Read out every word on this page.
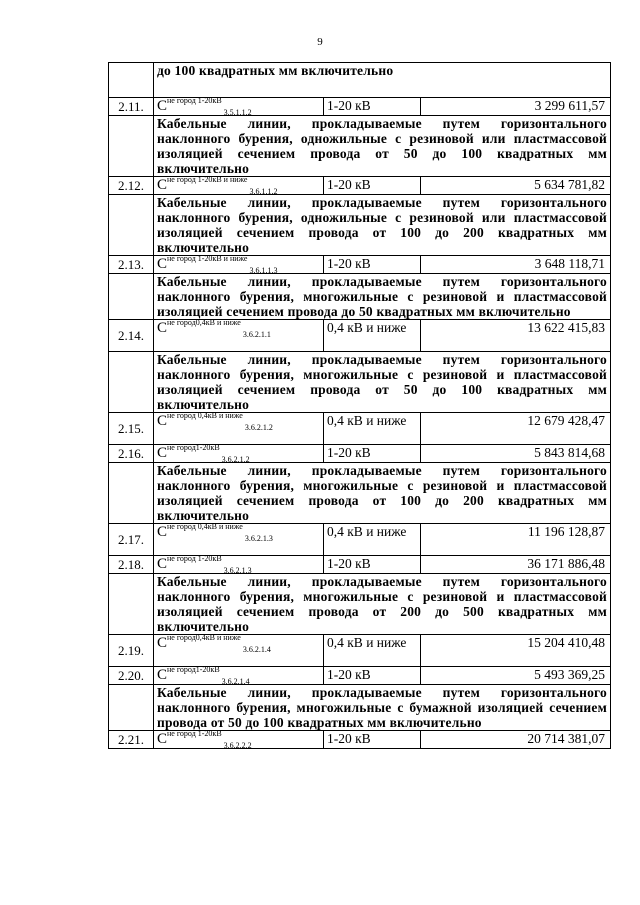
9
	до 100 квадратных мм включительно		
2.11.	$C^{не город 1-20кВ}_{3.5.1.1.2}$	1-20 кВ	3 299 611,57
	Кабельные линии, прокладываемые путем горизонтального наклонного бурения, одножильные с резиновой или пластмассовой изоляцией сечением провода от 50 до 100 квадратных мм включительно		
2.12.	$C^{не город 1-20кВ и ниже}_{3.6.1.1.2}$	1-20 кВ	5 634 781,82
	Кабельные линии, прокладываемые путем горизонтального наклонного бурения, одножильные с резиновой или пластмассовой изоляцией сечением провода от 100 до 200 квадратных мм включительно		
2.13.	$C^{не город 1-20кВ и ниже}_{3.6.1.1.3}$	1-20 кВ	3 648 118,71
	Кабельные линии, прокладываемые путем горизонтального наклонного бурения, многожильные с резиновой и пластмассовой изоляцией сечением провода до 50 квадратных мм включительно		
2.14.	$C^{не город0,4кВ и ниже}_{3.6.2.1.1}$	0,4 кВ и ниже	13 622 415,83
	Кабельные линии, прокладываемые путем горизонтального наклонного бурения, многожильные с резиновой и пластмассовой изоляцией сечением провода от 50 до 100 квадратных мм включительно		
2.15.	$C^{не город 0,4кВ и ниже}_{3.6.2.1.2}$	0,4 кВ и ниже	12 679 428,47
2.16.	$C^{не город1-20кВ}_{3.6.2.1.2}$	1-20 кВ	5 843 814,68
	Кабельные линии, прокладываемые путем горизонтального наклонного бурения, многожильные с резиновой и пластмассовой изоляцией сечением провода от 100 до 200 квадратных мм включительно		
2.17.	$C^{не город 0,4кВ и ниже}_{3.6.2.1.3}$	0,4 кВ и ниже	11 196 128,87
2.18.	$C^{не город 1-20кВ}_{3.6.2.1.3}$	1-20 кВ	36 171 886,48
	Кабельные линии, прокладываемые путем горизонтального наклонного бурения, многожильные с резиновой и пластмассовой изоляцией сечением провода от 200 до 500 квадратных мм включительно		
2.19.	$C^{не город0,4кВ и ниже}_{3.6.2.1.4}$	0,4 кВ и ниже	15 204 410,48
2.20.	$C^{не город1-20кВ}_{3.6.2.1.4}$	1-20 кВ	5 493 369,25
	Кабельные линии, прокладываемые путем горизонтального наклонного бурения, многожильные с бумажной изоляцией сечением провода от 50 до 100 квадратных мм включительно		
2.21.	$C^{не город 1-20кВ}_{3.6.2.2.2}$	1-20 кВ	20 714 381,07
